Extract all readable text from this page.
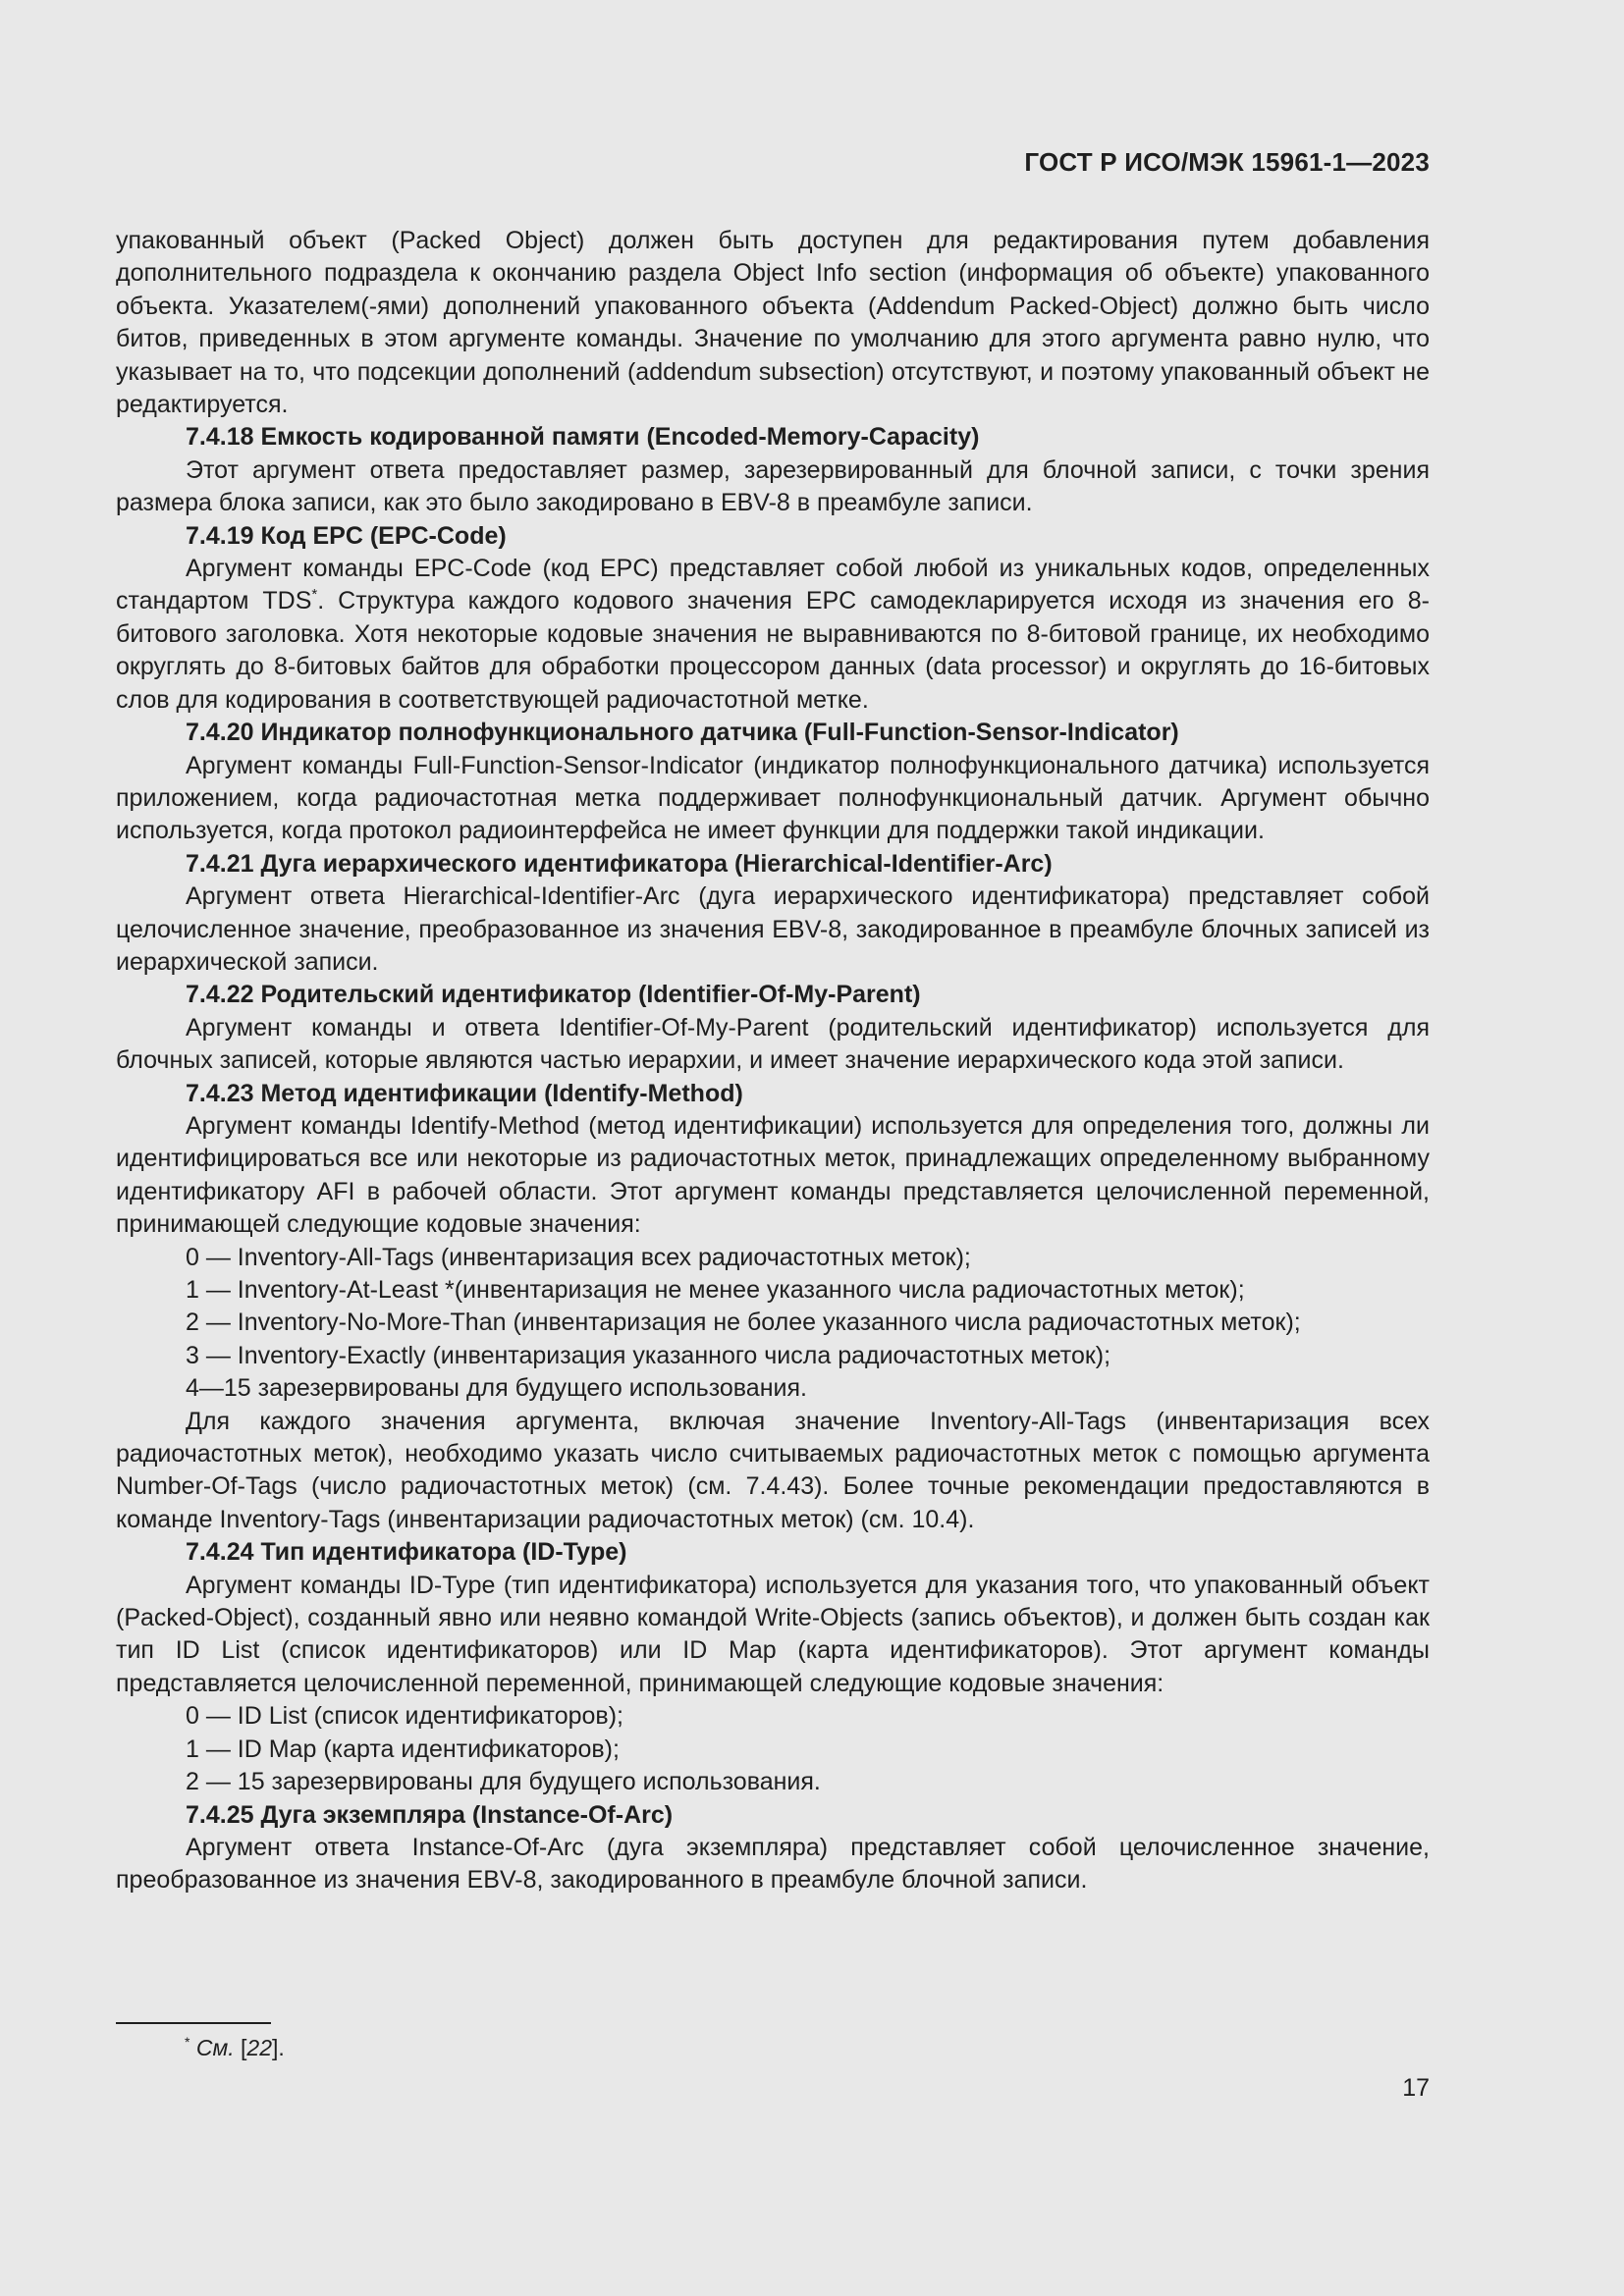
ГОСТ Р ИСО/МЭК 15961-1—2023

упакованный объект (Packed Object) должен быть доступен для редактирования путем добавления дополнительного подраздела к окончанию раздела Object Info section (информация об объекте) упакованного объекта. Указателем(-ями) дополнений упакованного объекта (Addendum Packed-Object) должно быть число битов, приведенных в этом аргументе команды. Значение по умолчанию для этого аргумента равно нулю, что указывает на то, что подсекции дополнений (addendum subsection) отсутствуют, и поэтому упакованный объект не редактируется.

7.4.18 Емкость кодированной памяти (Encoded-Memory-Capacity)

Этот аргумент ответа предоставляет размер, зарезервированный для блочной записи, с точки зрения размера блока записи, как это было закодировано в EBV-8 в преамбуле записи.

7.4.19 Код EPC (EPC-Code)

Аргумент команды EPC-Code (код EPC) представляет собой любой из уникальных кодов, определенных стандартом TDS*. Структура каждого кодового значения EPC самодекларируется исходя из значения его 8-битового заголовка. Хотя некоторые кодовые значения не выравниваются по 8-битовой границе, их необходимо округлять до 8-битовых байтов для обработки процессором данных (data processor) и округлять до 16-битовых слов для кодирования в соответствующей радиочастотной метке.

7.4.20 Индикатор полнофункционального датчика (Full-Function-Sensor-Indicator)

Аргумент команды Full-Function-Sensor-Indicator (индикатор полнофункционального датчика) используется приложением, когда радиочастотная метка поддерживает полнофункциональный датчик. Аргумент обычно используется, когда протокол радиоинтерфейса не имеет функции для поддержки такой индикации.

7.4.21 Дуга иерархического идентификатора (Hierarchical-Identifier-Arc)

Аргумент ответа Hierarchical-Identifier-Arc (дуга иерархического идентификатора) представляет собой целочисленное значение, преобразованное из значения EBV-8, закодированное в преамбуле блочных записей из иерархической записи.

7.4.22 Родительский идентификатор (Identifier-Of-My-Parent)

Аргумент команды и ответа Identifier-Of-My-Parent (родительский идентификатор) используется для блочных записей, которые являются частью иерархии, и имеет значение иерархического кода этой записи.

7.4.23 Метод идентификации (Identify-Method)

Аргумент команды Identify-Method (метод идентификации) используется для определения того, должны ли идентифицироваться все или некоторые из радиочастотных меток, принадлежащих определенному выбранному идентификатору AFI в рабочей области. Этот аргумент команды представляется целочисленной переменной, принимающей следующие кодовые значения:

0 — Inventory-All-Tags (инвентаризация всех радиочастотных меток);

1 — Inventory-At-Least *(инвентаризация не менее указанного числа радиочастотных меток);

2 — Inventory-No-More-Than (инвентаризация не более указанного числа радиочастотных меток);

3 — Inventory-Exactly (инвентаризация указанного числа радиочастотных меток);

4—15 зарезервированы для будущего использования.

Для каждого значения аргумента, включая значение Inventory-All-Tags (инвентаризация всех радиочастотных меток), необходимо указать число считываемых радиочастотных меток с помощью аргумента Number-Of-Tags (число радиочастотных меток) (см. 7.4.43). Более точные рекомендации предоставляются в команде Inventory-Tags (инвентаризации радиочастотных меток) (см. 10.4).

7.4.24 Тип идентификатора (ID-Type)

Аргумент команды ID-Type (тип идентификатора) используется для указания того, что упакованный объект (Packed-Object), созданный явно или неявно командой Write-Objects (запись объектов), и должен быть создан как тип ID List (список идентификаторов) или ID Map (карта идентификаторов). Этот аргумент команды представляется целочисленной переменной, принимающей следующие кодовые значения:

0 — ID List (список идентификаторов);

1 — ID Map (карта идентификаторов);

2 — 15 зарезервированы для будущего использования.

7.4.25 Дуга экземпляра (Instance-Of-Arc)

Аргумент ответа Instance-Of-Arc (дуга экземпляра) представляет собой целочисленное значение, преобразованное из значения EBV-8, закодированного в преамбуле блочной записи.

* См. [22].
17
